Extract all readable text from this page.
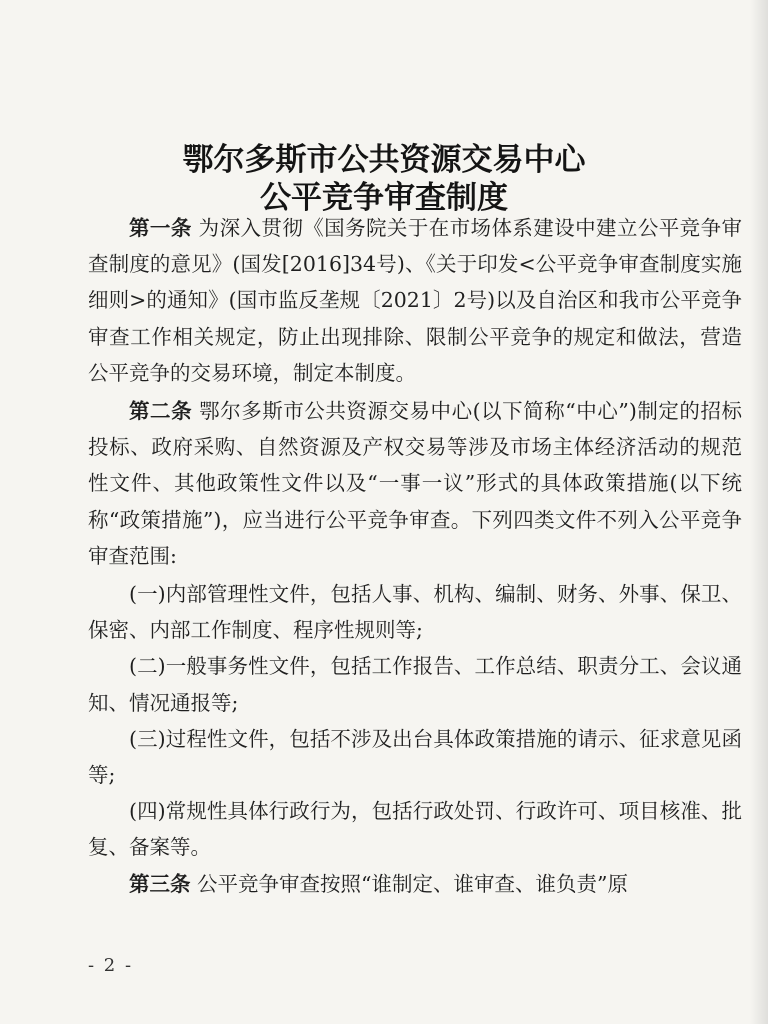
鄂尔多斯市公共资源交易中心
公平竞争审查制度

第一条 为深入贯彻《国务院关于在市场体系建设中建立公平竞争审查制度的意见》(国发[2016]34号)、《关于印发<公平竞争审查制度实施细则>的通知》(国市监反垄规〔2021〕2号)以及自治区和我市公平竞争审查工作相关规定，防止出现排除、限制公平竞争的规定和做法，营造公平竞争的交易环境，制定本制度。

第二条 鄂尔多斯市公共资源交易中心(以下简称“中心”)制定的招标投标、政府采购、自然资源及产权交易等涉及市场主体经济活动的规范性文件、其他政策性文件以及“一事一议”形式的具体政策措施(以下统称“政策措施”)，应当进行公平竞争审查。下列四类文件不列入公平竞争审查范围:

(一)内部管理性文件，包括人事、机构、编制、财务、外事、保卫、保密、内部工作制度、程序性规则等;

(二)一般事务性文件，包括工作报告、工作总结、职责分工、会议通知、情况通报等;

(三)过程性文件，包括不涉及出台具体政策措施的请示、征求意见函等;

(四)常规性具体行政行为，包括行政处罚、行政许可、项目核准、批复、备案等。

第三条 公平竞争审查按照“谁制定、谁审查、谁负责”原

- 2 -
